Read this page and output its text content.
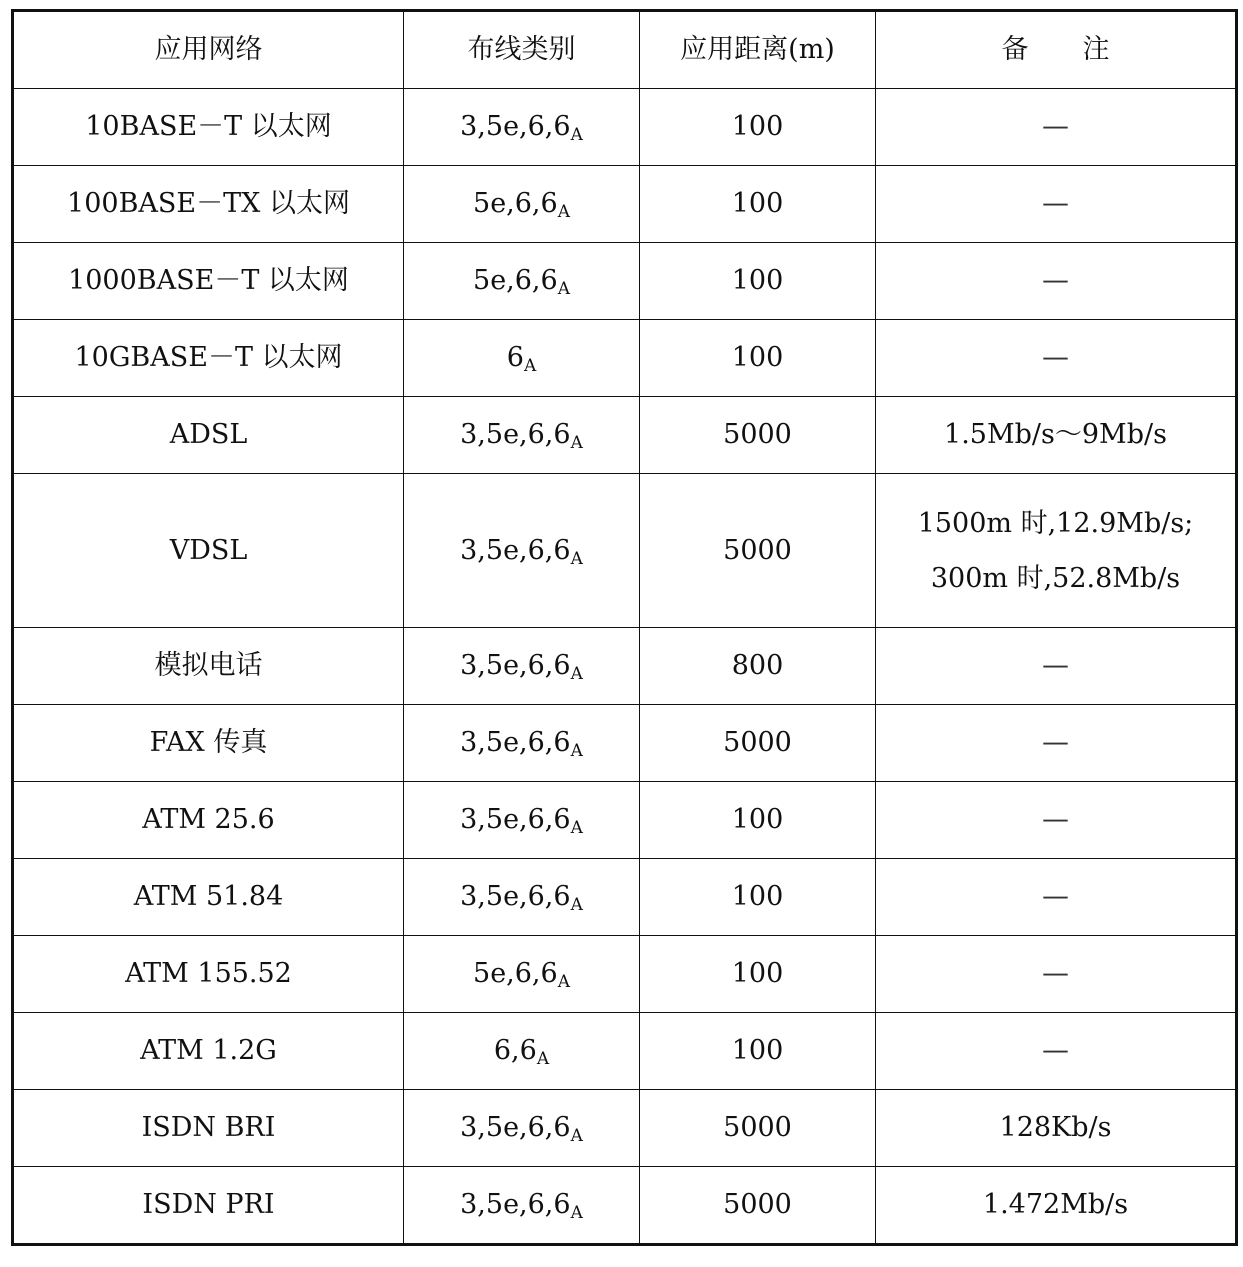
应用网络	布线类别	应用距离(m)	备　　注
10BASE－T 以太网	$3,5e,6,6_A$	100	—
100BASE－TX 以太网	$5e,6,6_A$	100	—
1000BASE－T 以太网	$5e,6,6_A$	100	—
10GBASE－T 以太网	$6_A$	100	—
ADSL	$3,5e,6,6_A$	5000	1.5Mb/s～9Mb/s
VDSL	$3,5e,6,6_A$	5000	1500m 时,12.9Mb/s;
300m 时,52.8Mb/s

模拟电话	$3,5e,6,6_A$	800	—
FAX 传真	$3,5e,6,6_A$	5000	—
ATM 25.6	$3,5e,6,6_A$	100	—
ATM 51.84	$3,5e,6,6_A$	100	—
ATM 155.52	$5e,6,6_A$	100	—
ATM 1.2G	$6,6_A$	100	—
ISDN BRI	$3,5e,6,6_A$	5000	128Kb/s
ISDN PRI	$3,5e,6,6_A$	5000	1.472Mb/s
